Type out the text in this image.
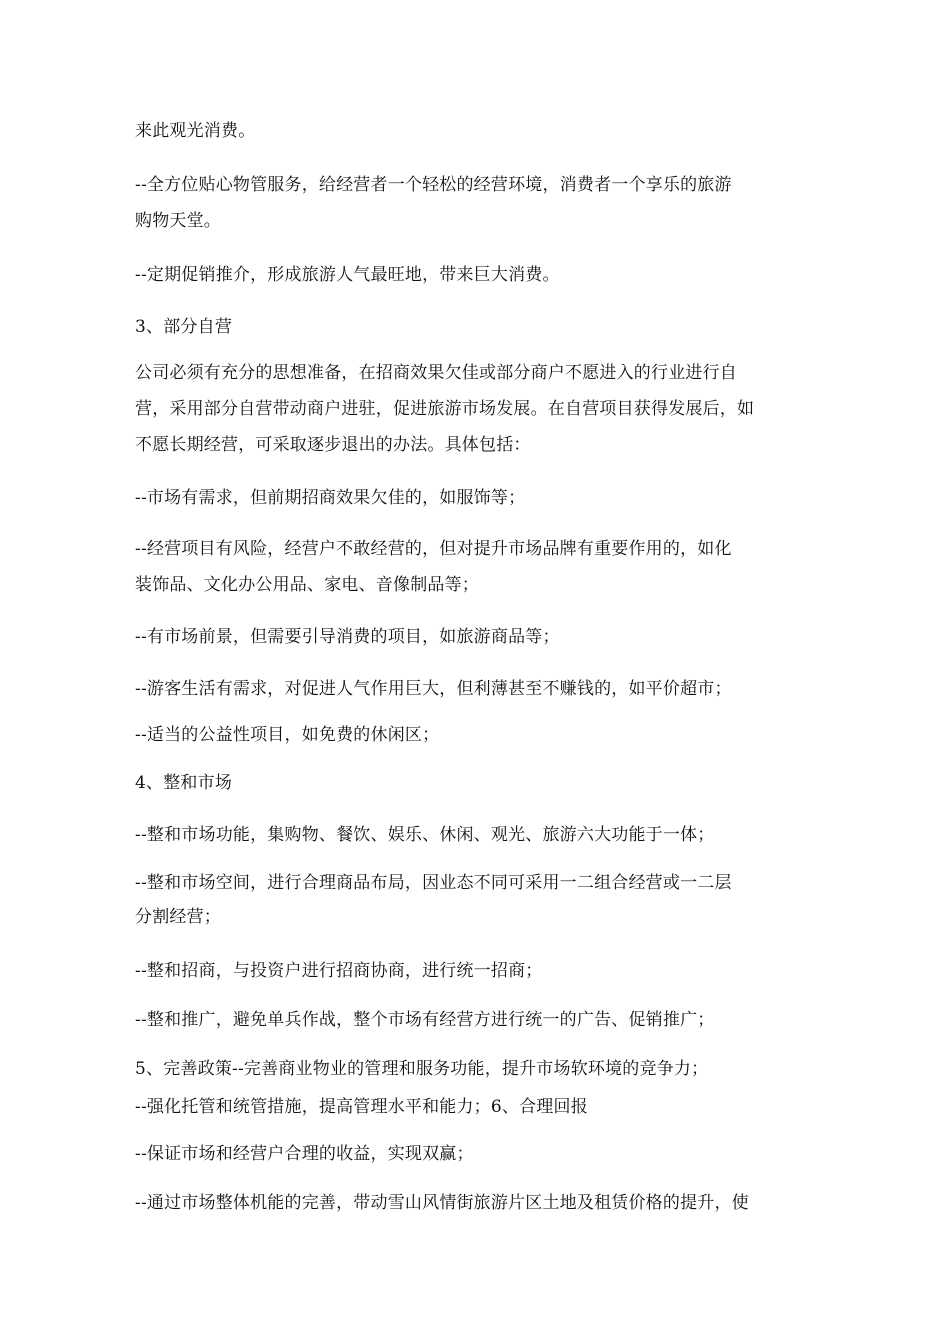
来此观光消费。
--全方位贴心物管服务，给经营者一个轻松的经营环境，消费者一个享乐的旅游
购物天堂。
--定期促销推介，形成旅游人气最旺地，带来巨大消费。
3、部分自营
公司必须有充分的思想准备，在招商效果欠佳或部分商户不愿进入的行业进行自
营，采用部分自营带动商户进驻，促进旅游市场发展。在自营项目获得发展后，如
不愿长期经营，可采取逐步退出的办法。具体包括：
--市场有需求，但前期招商效果欠佳的，如服饰等；
--经营项目有风险，经营户不敢经营的，但对提升市场品牌有重要作用的，如化
装饰品、文化办公用品、家电、音像制品等；
--有市场前景，但需要引导消费的项目，如旅游商品等；
--游客生活有需求，对促进人气作用巨大，但利薄甚至不赚钱的，如平价超市；
--适当的公益性项目，如免费的休闲区；
4、整和市场
--整和市场功能，集购物、餐饮、娱乐、休闲、观光、旅游六大功能于一体；
--整和市场空间，进行合理商品布局，因业态不同可采用一二组合经营或一二层
分割经营；
--整和招商，与投资户进行招商协商，进行统一招商；
--整和推广，避免单兵作战，整个市场有经营方进行统一的广告、促销推广；
5、完善政策--完善商业物业的管理和服务功能，提升市场软环境的竞争力；
--强化托管和统管措施，提高管理水平和能力；6、合理回报
--保证市场和经营户合理的收益，实现双赢；
--通过市场整体机能的完善，带动雪山风情街旅游片区土地及租赁价格的提升，使
